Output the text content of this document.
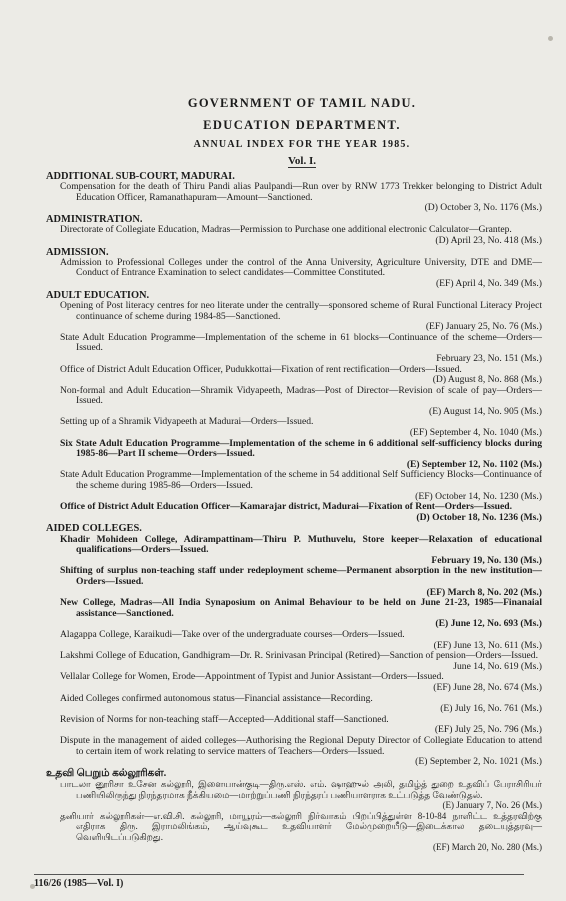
GOVERNMENT OF TAMIL NADU.
EDUCATION DEPARTMENT.
ANNUAL INDEX FOR THE YEAR 1985.
Vol. I.

ADDITIONAL SUB-COURT, MADURAI.

Compensation for the death of Thiru Pandi alias Paulpandi—Run over by RNW 1773 Trekker belonging to District Adult Education Officer, Ramanathapuram—Amount—Sanctioned.
(D) October 3, No. 1176 (Ms.)

ADMINISTRATION.

Directorate of Collegiate Education, Madras—Permission to Purchase one additional electronic Calculator—Grantep.
(D) April 23, No. 418 (Ms.)

ADMISSION.

Admission to Professional Colleges under the control of the Anna University, Agriculture University, DTE and DME—Conduct of Entrance Examination to select candidates—Committee Constituted.
(EF) April 4, No. 349 (Ms.)

ADULT EDUCATION.

Opening of Post literacy centres for neo literate under the centrally—sponsored scheme of Rural Functional Literacy Project continuance of scheme during 1984-85—Sanctioned.
(EF) January 25, No. 76 (Ms.)

State Adult Education Programme—Implementation of the scheme in 61 blocks—Continuance of the scheme—Orders—Issued.
February 23, No. 151 (Ms.)

Office of District Adult Education Officer, Pudukkottai—Fixation of rent rectification—Orders—Issued.
(D) August 8, No. 868 (Ms.)

Non-formal and Adult Education—Shramik Vidyapeeth, Madras—Post of Director—Revision of scale of pay—Orders—Issued.
(E) August 14, No. 905 (Ms.)

Setting up of a Shramik Vidyapeeth at Madurai—Orders—Issued.
(EF) September 4, No. 1040 (Ms.)

Six State Adult Education Programme—Implementation of the scheme in 6 additional self-sufficiency blocks during 1985-86—Part II scheme—Orders—Issued.
(E) September 12, No. 1102 (Ms.)

State Adult Education Programme—Implementation of the scheme in 54 additional Self Sufficiency Blocks—Continuance of the scheme during 1985-86—Orders—Issued.
(EF) October 14, No. 1230 (Ms.)

Office of District Adult Education Officer—Kamarajar district, Madurai—Fixation of Rent—Orders—Issued.
(D) October 18, No. 1236 (Ms.)

AIDED COLLEGES.

Khadir Mohideen College, Adirampattinam—Thiru P. Muthuvelu, Store keeper—Relaxation of educational qualifications—Orders—Issued.
February 19, No. 130 (Ms.)

Shifting of surplus non-teaching staff under redeployment scheme—Permanent absorption in the new institution—Orders—Issued.
(EF) March 8, No. 202 (Ms.)

New College, Madras—All India Synaposium on Animal Behaviour to be held on June 21-23, 1985—Finanaial assistance—Sanctioned.
(E) June 12, No. 693 (Ms.)

Alagappa College, Karaikudi—Take over of the undergraduate courses—Orders—Issued.
(EF) June 13, No. 611 (Ms.)

Lakshmi College of Education, Gandhigram—Dr. R. Srinivasan Principal (Retired)—Sanction of pension—Orders—Issued.
June 14, No. 619 (Ms.)

Vellalar College for Women, Erode—Appointment of Typist and Junior Assistant—Orders—Issued.
(EF) June 28, No. 674 (Ms.)

Aided Colleges confirmed autonomous status—Financial assistance—Recording.
(E) July 16, No. 761 (Ms.)

Revision of Norms for non-teaching staff—Accepted—Additional staff—Sanctioned.
(EF) July 25, No. 796 (Ms.)

Dispute in the management of aided colleges—Authorising the Regional Deputy Director of Collegiate Education to attend to certain item of work relating to service matters of Teachers—Orders—Issued.
(E) September 2, No. 1021 (Ms.)

உதவி பெறும் கல்லூரிகள்.

பாடலா னூரிசா உசேன கல்லூரி, இளையான்குடி—திரு.எஸ். எம். ஷாஹுல் அலி, தமிழ்த் துறை உதவிப் பேராசிரியர் பணியிலிருந்து நிரந்தரமாக நீக்கியமை—மாற்றுப்பணி நிரந்தரப் பணியாளராக உட்படுத்த வேண்டுதல்.
(E) January 7, No. 26 (Ms.)

தனியார் கல்லூரிகள்—எ.வி.சி. கல்லூரி, மாயூரம்—கல்லூரி நிர்வாகம் பிறப்பித்துள்ள 8-10-84 நாளிட்ட உத்தரவிற்கு எதிராக திரு. இராமலிங்கம், ஆய்வுகூட உதவியாளர் மேல்முறையீடு—இடைக்கால தடையுத்தரவு—வெளியிடப்படுகிறது.
(EF) March 20, No. 280 (Ms.)

116/26 (1985—Vol. I)
